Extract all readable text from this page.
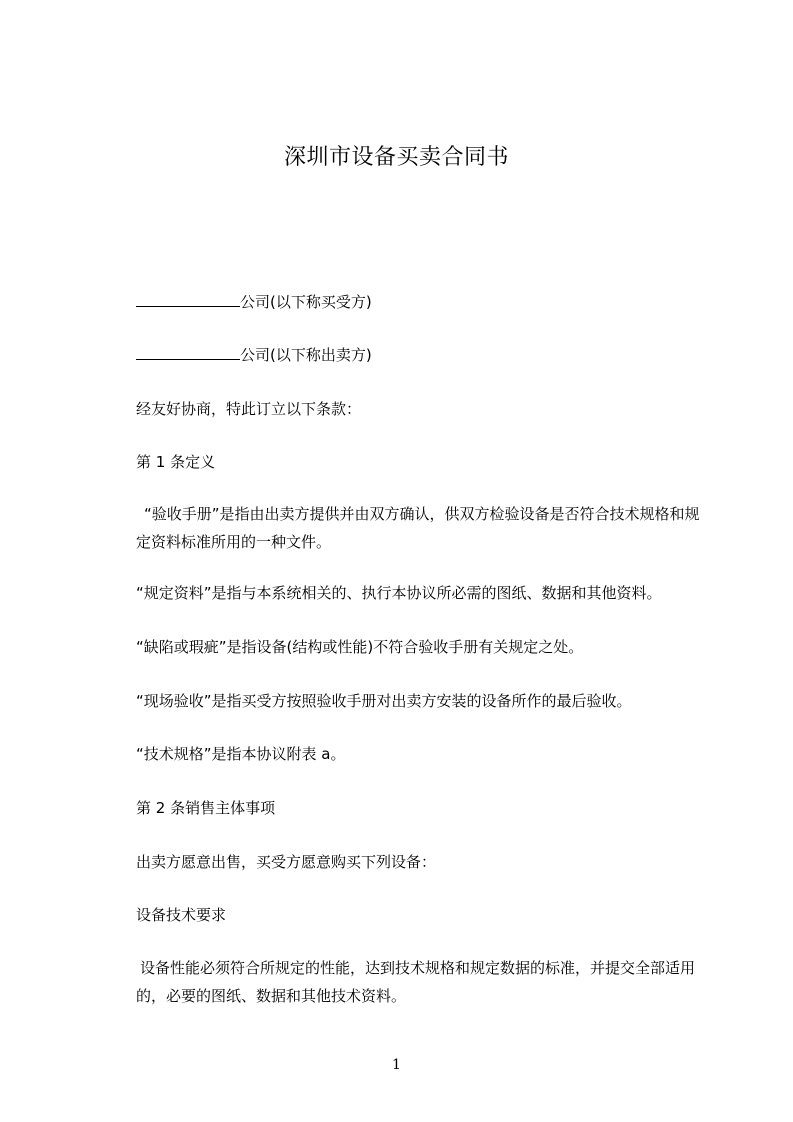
深圳市设备买卖合同书
公司(以下称买受方)
公司(以下称出卖方)
经友好协商，特此订立以下条款：
第 1 条定义
“验收手册”是指由出卖方提供并由双方确认，供双方检验设备是否符合技术规格和规定资料标准所用的一种文件。
“规定资料”是指与本系统相关的、执行本协议所必需的图纸、数据和其他资料。
“缺陷或瑕疵”是指设备(结构或性能)不符合验收手册有关规定之处。
“现场验收”是指买受方按照验收手册对出卖方安装的设备所作的最后验收。
“技术规格”是指本协议附表 a。
第 2 条销售主体事项
出卖方愿意出售，买受方愿意购买下列设备：
设备技术要求
设备性能必须符合所规定的性能，达到技术规格和规定数据的标准，并提交全部适用的，必要的图纸、数据和其他技术资料。
1
